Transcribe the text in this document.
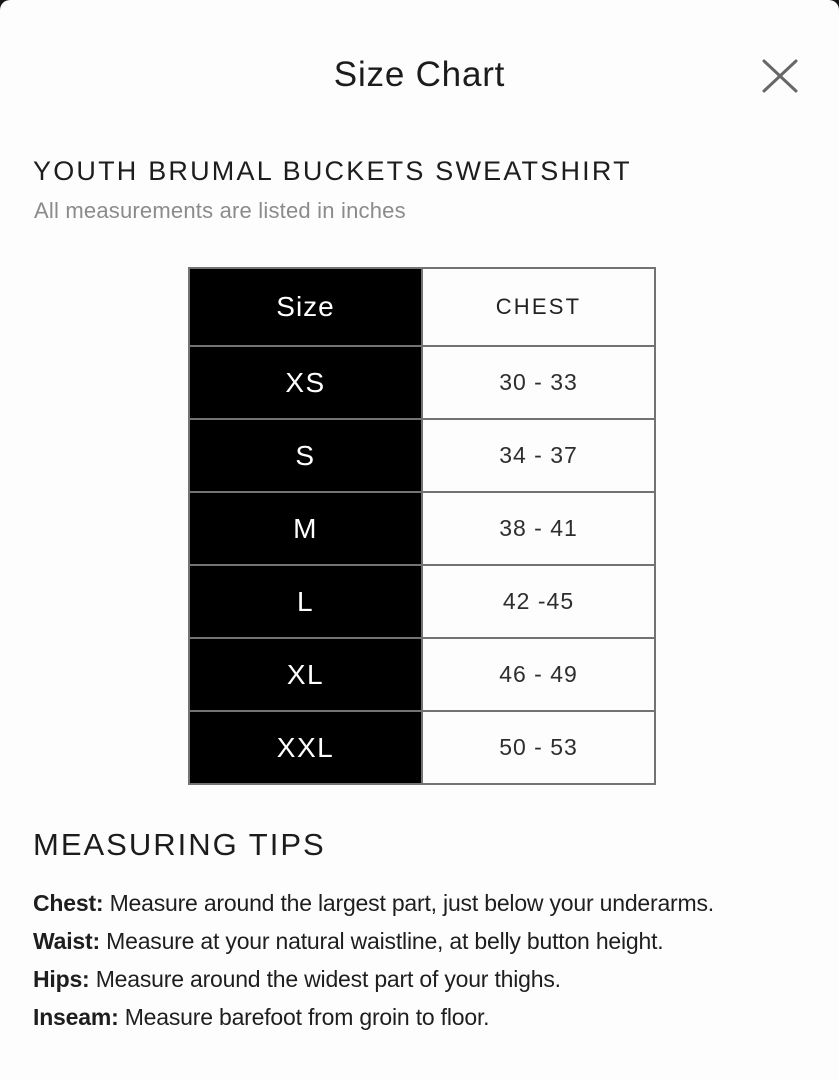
Size Chart
YOUTH BRUMAL BUCKETS SWEATSHIRT
All measurements are listed in inches
Size	CHEST
XS	30 - 33
S	34 - 37
M	38 - 41
L	42 -45
XL	46 - 49
XXL	50 - 53
MEASURING TIPS
Chest: Measure around the largest part, just below your underarms.
Waist: Measure at your natural waistline, at belly button height.
Hips: Measure around the widest part of your thighs.
Inseam: Measure barefoot from groin to floor.
